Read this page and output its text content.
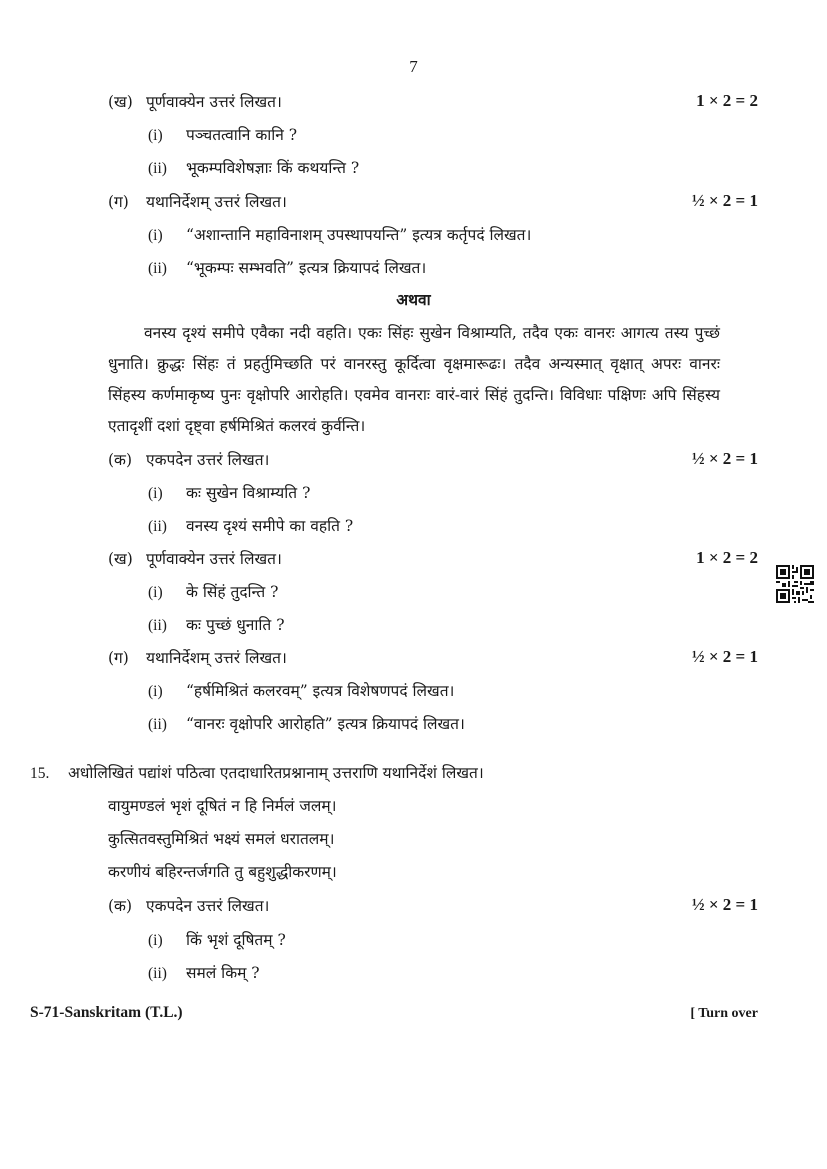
7
(ख) पूर्णवाक्येन उत्तरं लिखत।	1 × 2 = 2
(i) पञ्चतत्वानि कानि ?
(ii) भूकम्पविशेषज्ञाः किं कथयन्ति ?
(ग) यथानिर्देशम् उत्तरं लिखत।	½ × 2 = 1
(i) “अशान्तानि महाविनाशम् उपस्थापयन्ति” इत्यत्र कर्तृपदं लिखत।
(ii) “भूकम्पः सम्भवति” इत्यत्र क्रियापदं लिखत।
अथवा
वनस्य दृश्यं समीपे एवैका नदी वहति। एकः सिंहः सुखेन विश्राम्यति, तदैव एकः वानरः आगत्य तस्य पुच्छं धुनाति। क्रुद्धः सिंहः तं प्रहर्तुमिच्छति परं वानरस्तु कूर्दित्वा वृक्षमारूढः। तदैव अन्यस्मात् वृक्षात् अपरः वानरः सिंहस्य कर्णमाकृष्य पुनः वृक्षोपरि आरोहति। एवमेव वानराः वारं-वारं सिंहं तुदन्ति। विविधाः पक्षिणः अपि सिंहस्य एतादृशीं दशां दृष्ट्वा हर्षमिश्रितं कलरवं कुर्वन्ति।
(क) एकपदेन उत्तरं लिखत।	½ × 2 = 1
(i) कः सुखेन विश्राम्यति ?
(ii) वनस्य दृश्यं समीपे का वहति ?
(ख) पूर्णवाक्येन उत्तरं लिखत।	1 × 2 = 2
(i) के सिंहं तुदन्ति ?
(ii) कः पुच्छं धुनाति ?
(ग) यथानिर्देशम् उत्तरं लिखत।	½ × 2 = 1
(i) “हर्षमिश्रितं कलरवम्” इत्यत्र विशेषणपदं लिखत।
(ii) “वानरः वृक्षोपरि आरोहति” इत्यत्र क्रियापदं लिखत।
15. अधोलिखितं पद्यांशं पठित्वा एतदाधारितप्रश्नानाम् उत्तराणि यथानिर्देशं लिखत।
वायुमण्डलं भृशं दूषितं न हि निर्मलं जलम्।
कुत्सितवस्तुमिश्रितं भक्ष्यं समलं धरातलम्।
करणीयं बहिरन्तर्जगति तु बहुशुद्धीकरणम्।
(क) एकपदेन उत्तरं लिखत।	½ × 2 = 1
(i) किं भृशं दूषितम् ?
(ii) समलं किम् ?
S-71-Sanskritam (T.L.)	[ Turn over
